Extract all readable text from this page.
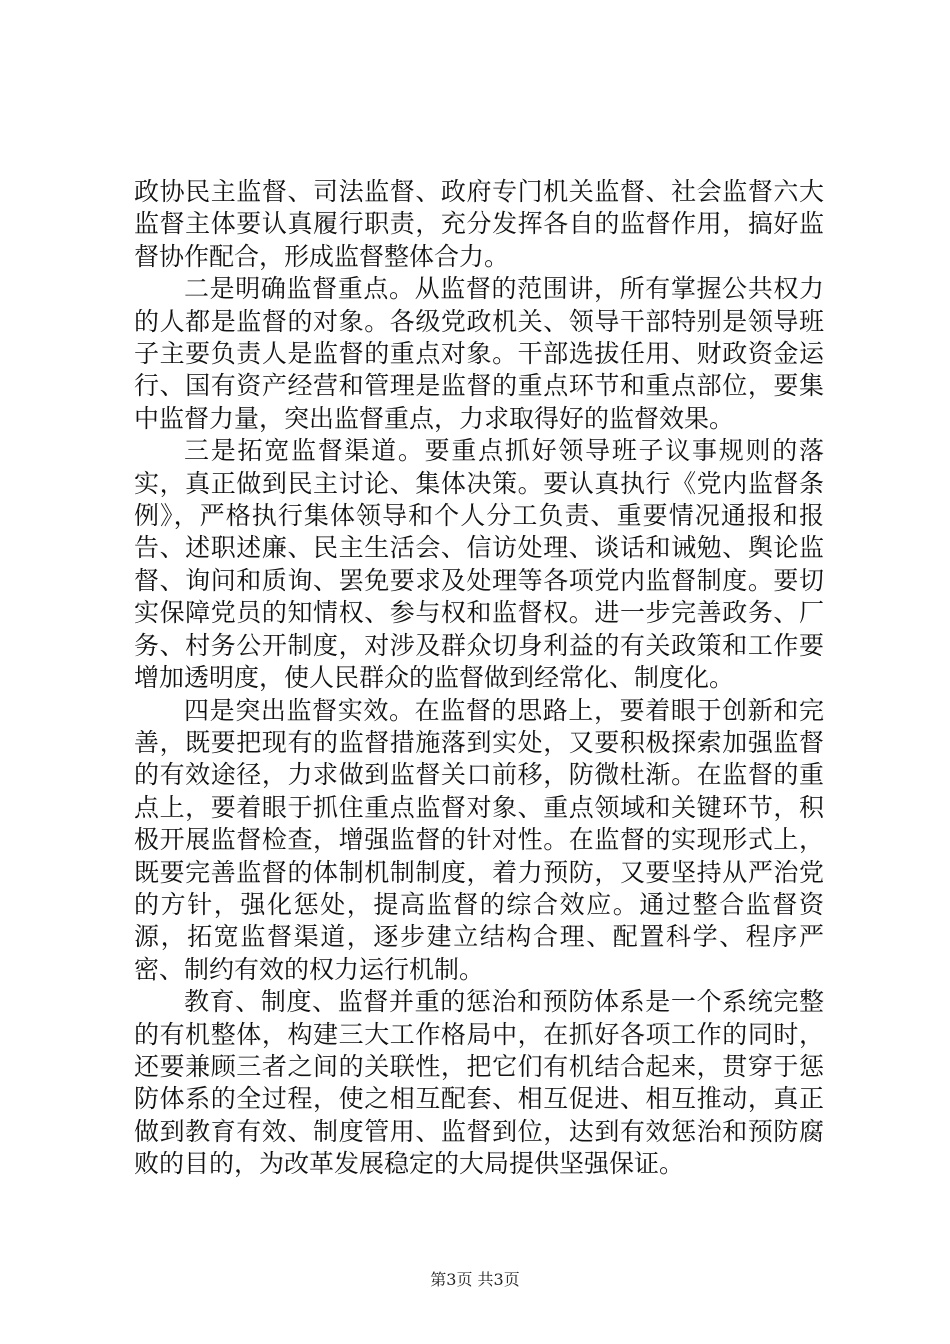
政协民主监督、司法监督、政府专门机关监督、社会监督六大监督主体要认真履行职责，充分发挥各自的监督作用，搞好监督协作配合，形成监督整体合力。

二是明确监督重点。从监督的范围讲，所有掌握公共权力的人都是监督的对象。各级党政机关、领导干部特别是领导班子主要负责人是监督的重点对象。干部选拔任用、财政资金运行、国有资产经营和管理是监督的重点环节和重点部位，要集中监督力量，突出监督重点，力求取得好的监督效果。

三是拓宽监督渠道。要重点抓好领导班子议事规则的落实，真正做到民主讨论、集体决策。要认真执行《党内监督条例》，严格执行集体领导和个人分工负责、重要情况通报和报告、述职述廉、民主生活会、信访处理、谈话和诫勉、舆论监督、询问和质询、罢免要求及处理等各项党内监督制度。要切实保障党员的知情权、参与权和监督权。进一步完善政务、厂务、村务公开制度，对涉及群众切身利益的有关政策和工作要增加透明度，使人民群众的监督做到经常化、制度化。

四是突出监督实效。在监督的思路上，要着眼于创新和完善，既要把现有的监督措施落到实处，又要积极探索加强监督的有效途径，力求做到监督关口前移，防微杜渐。在监督的重点上，要着眼于抓住重点监督对象、重点领域和关键环节，积极开展监督检查，增强监督的针对性。在监督的实现形式上，既要完善监督的体制机制制度，着力预防，又要坚持从严治党的方针，强化惩处，提高监督的综合效应。通过整合监督资源，拓宽监督渠道，逐步建立结构合理、配置科学、程序严密、制约有效的权力运行机制。

教育、制度、监督并重的惩治和预防体系是一个系统完整的有机整体，构建三大工作格局中，在抓好各项工作的同时，还要兼顾三者之间的关联性，把它们有机结合起来，贯穿于惩防体系的全过程，使之相互配套、相互促进、相互推动，真正做到教育有效、制度管用、监督到位，达到有效惩治和预防腐败的目的，为改革发展稳定的大局提供坚强保证。

第3页 共3页
